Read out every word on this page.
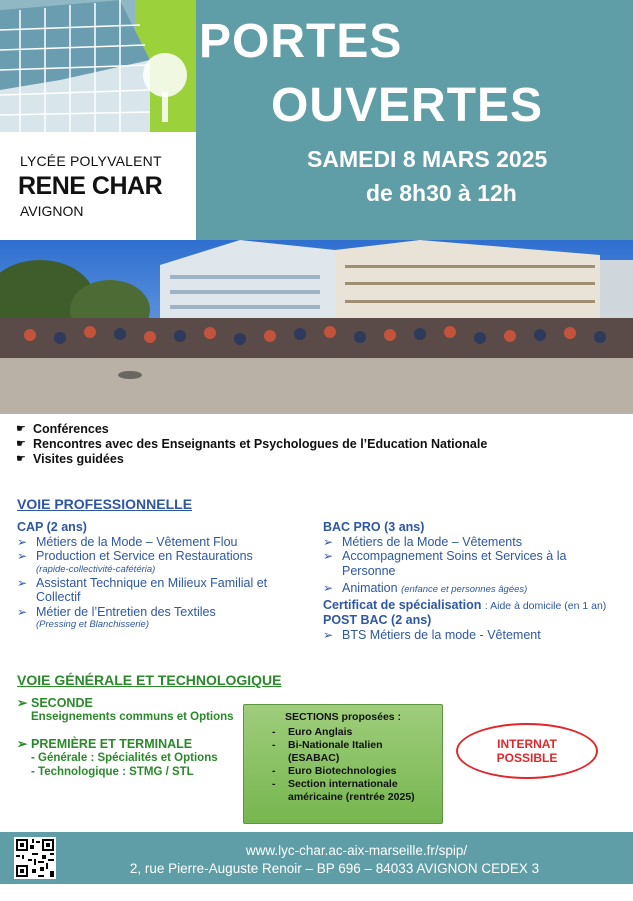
LYCÉE POLYVALENT
RENE CHAR
AVIGNON
PORTES
OUVERTES
SAMEDI 8 MARS 2025
de 8h30 à 12h
☛ Conférences
☛ Rencontres avec des Enseignants et Psychologues de l’Education Nationale
☛ Visites guidées
VOIE PROFESSIONNELLE
CAP (2 ans)
➢ Métiers de la Mode – Vêtement Flou
➢ Production et Service en Restaurations
(rapide-collectivité-cafétéria)
➢ Assistant Technique en Milieux Familial et Collectif
➢ Métier de l’Entretien des Textiles
(Pressing et Blanchisserie)
BAC PRO (3 ans)
➢ Métiers de la Mode – Vêtements
➢ Accompagnement Soins et Services à la Personne
➢ Animation (enfance et personnes âgées)
Certificat de spécialisation : Aide à domicile (en 1 an)
POST BAC (2 ans)
➢ BTS Métiers de la mode - Vêtement
VOIE GÉNÉRALE ET TECHNOLOGIQUE
➢ SECONDE
Enseignements communs et Options
➢ PREMIÈRE ET TERMINALE
- Générale : Spécialités et Options
- Technologique : STMG / STL
SECTIONS proposées :
-	Euro Anglais
-	Bi-Nationale Italien (ESABAC)
-	Euro Biotechnologies
-	Section internationale américaine (rentrée 2025)
INTERNAT
POSSIBLE
www.lyc-char.ac-aix-marseille.fr/spip/
2, rue Pierre-Auguste Renoir – BP 696 – 84033 AVIGNON CEDEX 3
